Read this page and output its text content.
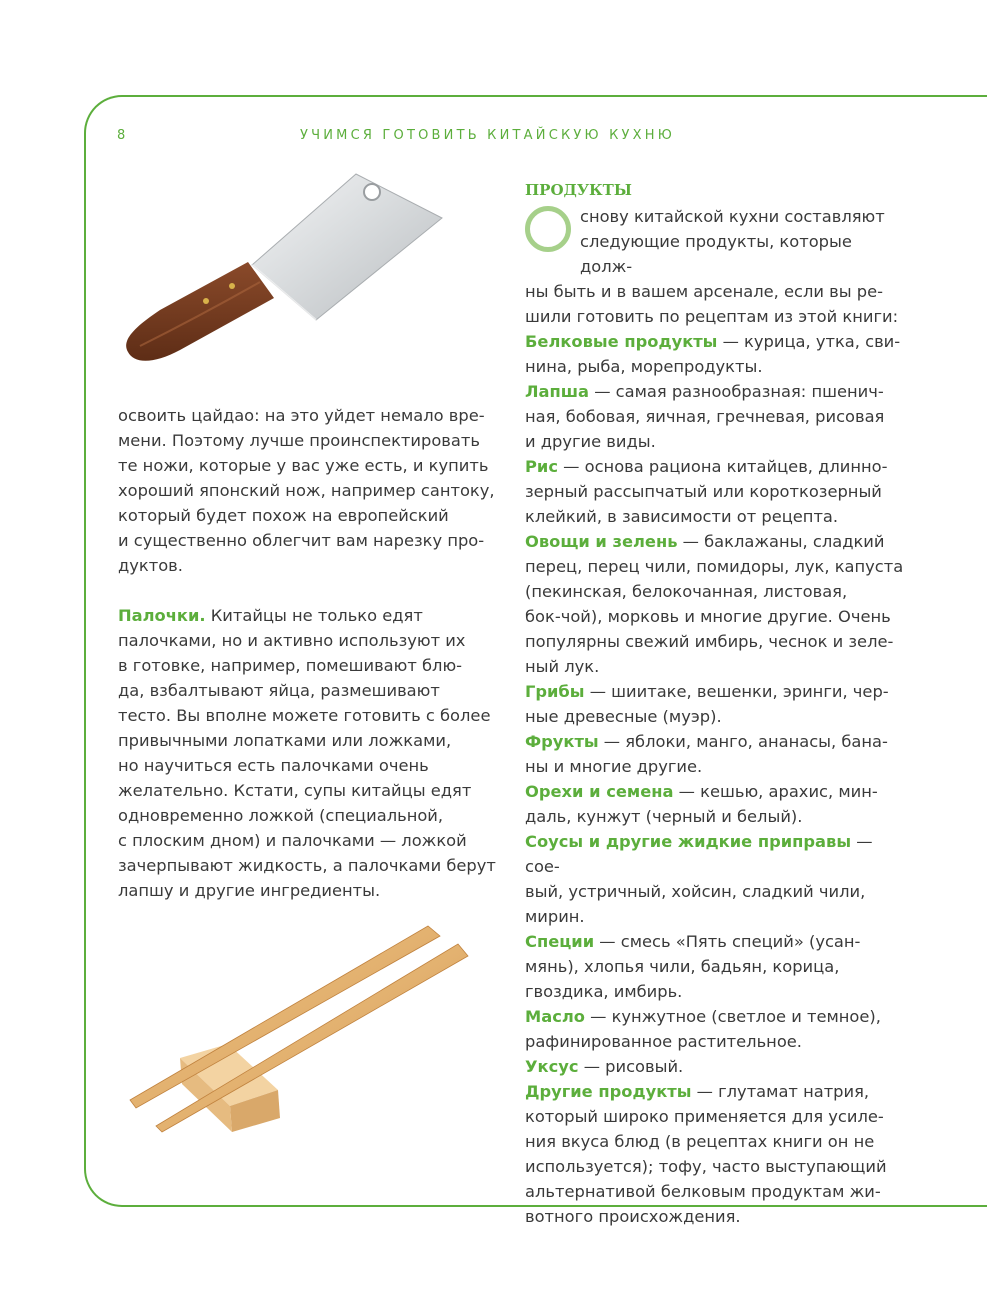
8	УЧИМСЯ ГОТОВИТЬ КИТАЙСКУЮ КУХНЮ

освоить цайдао: на это уйдет немало вре-

мени. Поэтому лучше проинспектировать

те ножи, которые у вас уже есть, и купить

хороший японский нож, например сантоку,

который будет похож на европейский

и существенно облегчит вам нарезку про-

дуктов.

Палочки. Китайцы не только едят

палочками, но и активно используют их

в готовке, например, помешивают блю-

да, взбалтывают яйца, размешивают

тесто. Вы вполне можете готовить с более

привычными лопатками или ложками,

но научиться есть палочками очень

желательно. Кстати, супы китайцы едят

одновременно ложкой (специальной,

с плоским дном) и палочками — ложкой

зачерпывают жидкость, а палочками берут

лапшу и другие ингредиенты.

ПРОДУКТЫ

снову китайской кухни составляют

следующие продукты, которые долж-

ны быть и в вашем арсенале, если вы ре-

шили готовить по рецептам из этой книги:

Белковые продукты — курица, утка, сви-

нина, рыба, морепродукты.

Лапша — самая разнообразная: пшенич-

ная, бобовая, яичная, гречневая, рисовая

и другие виды.

Рис — основа рациона китайцев, длинно-

зерный рассыпчатый или короткозерный

клейкий, в зависимости от рецепта.

Овощи и зелень — баклажаны, сладкий

перец, перец чили, помидоры, лук, капуста

(пекинская, белокочанная, листовая,

бок-чой), морковь и многие другие. Очень

популярны свежий имбирь, чеснок и зеле-

ный лук.

Грибы — шиитаке, вешенки, эринги, чер-

ные древесные (муэр).

Фрукты — яблоки, манго, ананасы, бана-

ны и многие другие.

Орехи и семена — кешью, арахис, мин-

даль, кунжут (черный и белый).

Соусы и другие жидкие приправы — сое-

вый, устричный, хойсин, сладкий чили,

мирин.

Специи — смесь «Пять специй» (усан-

мянь), хлопья чили, бадьян, корица,

гвоздика, имбирь.

Масло — кунжутное (светлое и темное),

рафинированное растительное.

Уксус — рисовый.

Другие продукты — глутамат натрия,

который широко применяется для усиле-

ния вкуса блюд (в рецептах книги он не

используется); тофу, часто выступающий

альтернативой белковым продуктам жи-

вотного происхождения.
